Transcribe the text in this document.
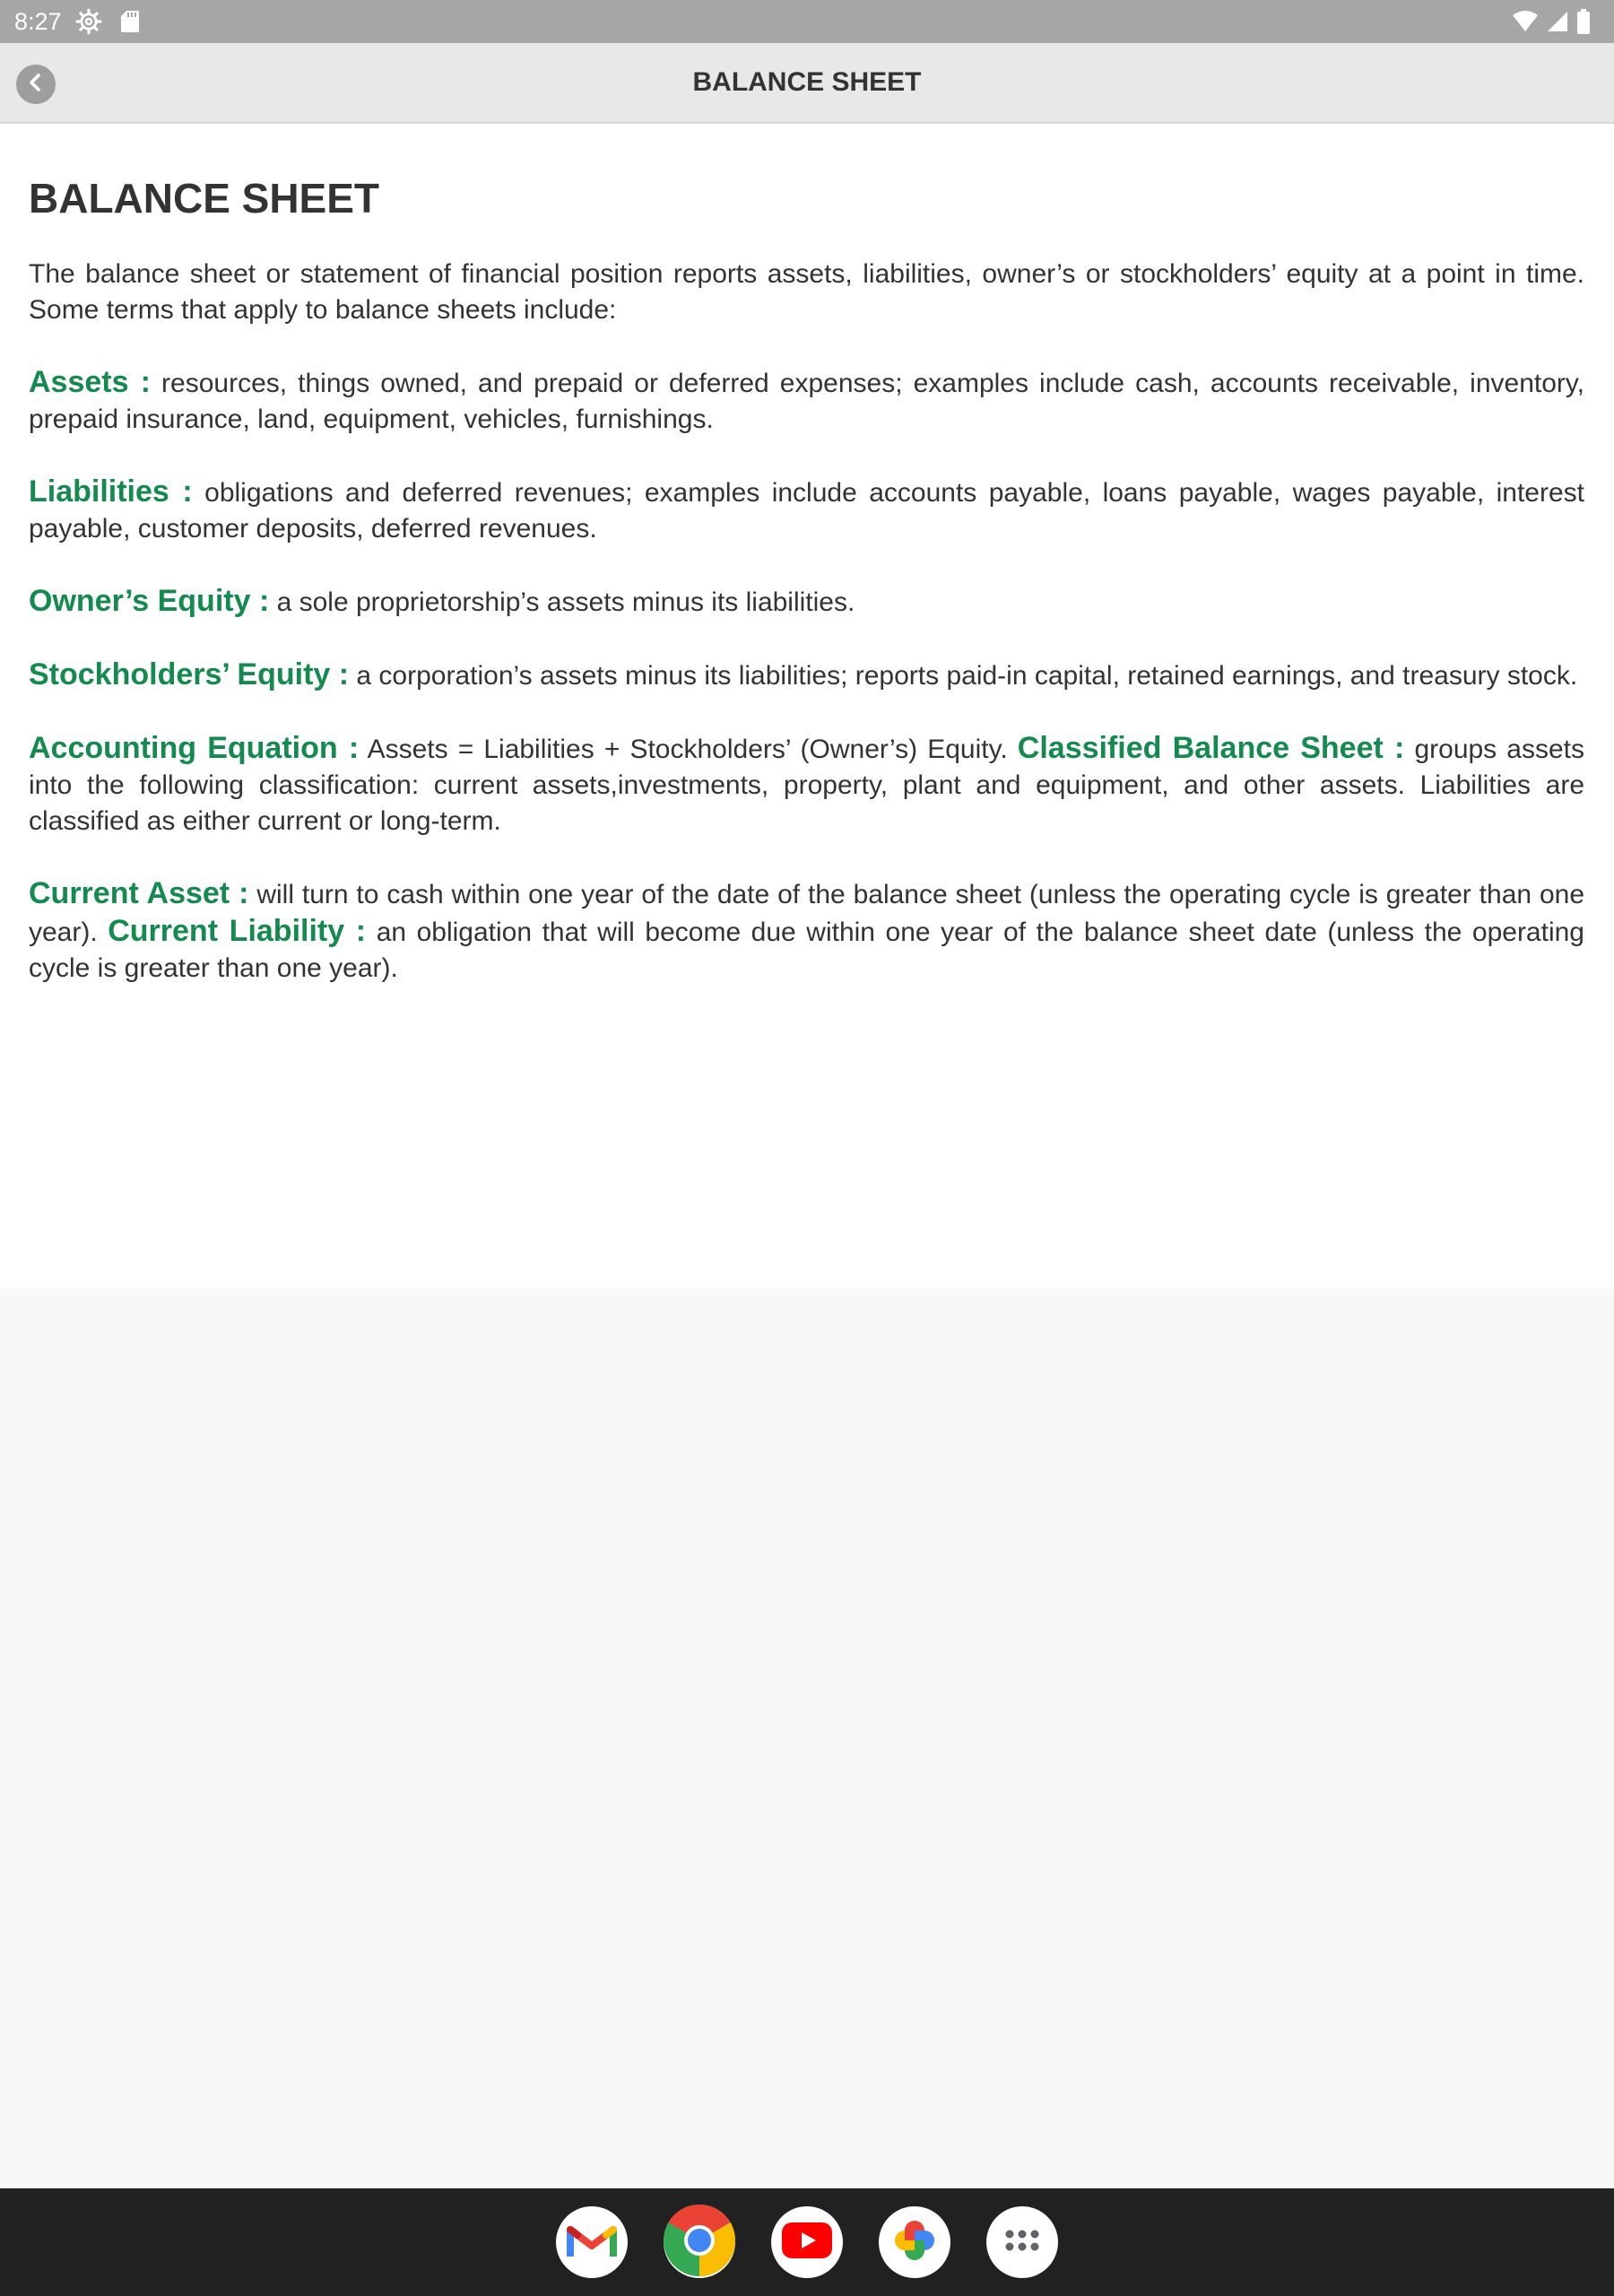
8:27
BALANCE SHEET
BALANCE SHEET

The balance sheet or statement of financial position reports assets, liabilities, owner’s or stockholders’ equity at a point in time. Some terms that apply to balance sheets include:

Assets : resources, things owned, and prepaid or deferred expenses; examples include cash, accounts receivable, inventory, prepaid insurance, land, equipment, vehicles, furnishings.

Liabilities : obligations and deferred revenues; examples include accounts payable, loans payable, wages payable, interest payable, customer deposits, deferred revenues.

Owner’s Equity : a sole proprietorship’s assets minus its liabilities.

Stockholders’ Equity : a corporation’s assets minus its liabilities; reports paid-in capital, retained earnings, and treasury stock.

Accounting Equation : Assets = Liabilities + Stockholders’ (Owner’s) Equity. Classified Balance Sheet : groups assets into the following classification: current assets,investments, property, plant and equipment, and other assets. Liabilities are classified as either current or long-term.

Current Asset : will turn to cash within one year of the date of the balance sheet (unless the operating cycle is greater than one year). Current Liability : an obligation that will become due within one year of the balance sheet date (unless the operating cycle is greater than one year).
